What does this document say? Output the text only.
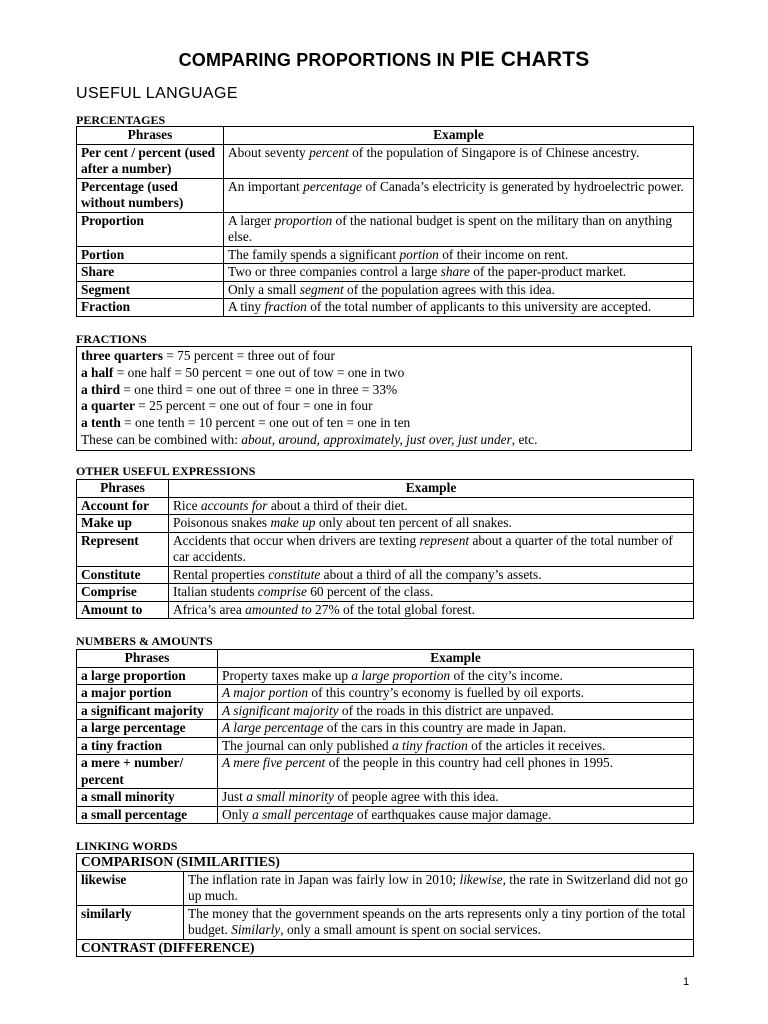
COMPARING PROPORTIONS IN PIE CHARTS
USEFUL LANGUAGE
PERCENTAGES
Phrases	Example
Per cent / percent (used after a number)	About seventy percent of the population of Singapore is of Chinese ancestry.
Percentage (used without numbers)	An important percentage of Canada’s electricity is generated by hydroelectric power.
Proportion	A larger proportion of the national budget is spent on the military than on anything else.
Portion	The family spends a significant portion of their income on rent.
Share	Two or three companies control a large share of the paper-product market.
Segment	Only a small segment of the population agrees with this idea.
Fraction	A tiny fraction of the total number of applicants to this university are accepted.
FRACTIONS
three quarters = 75 percent = three out of four
a half = one half = 50 percent = one out of tow = one in two
a third = one third = one out of three = one in three = 33%
a quarter = 25 percent = one out of four = one in four
a tenth = one tenth = 10 percent = one out of ten = one in ten
These can be combined with: about, around, approximately, just over, just under, etc.
OTHER USEFUL EXPRESSIONS
Phrases	Example
Account for	Rice accounts for about a third of their diet.
Make up	Poisonous snakes make up only about ten percent of all snakes.
Represent	Accidents that occur when drivers are texting represent about a quarter of the total number of car accidents.
Constitute	Rental properties constitute about a third of all the company’s assets.
Comprise	Italian students comprise 60 percent of the class.
Amount to	Africa’s area amounted to 27% of the total global forest.
NUMBERS & AMOUNTS
Phrases	Example
a large proportion	Property taxes make up a large proportion of the city’s income.
a major portion	A major portion of this country’s economy is fuelled by oil exports.
a significant majority	A significant majority of the roads in this district are unpaved.
a large percentage	A large percentage of the cars in this country are made in Japan.
a tiny fraction	The journal can only published a tiny fraction of the articles it receives.
a mere + number/ percent	A mere five percent of the people in this country had cell phones in 1995.
a small minority	Just a small minority of people agree with this idea.
a small percentage	Only a small percentage of earthquakes cause major damage.
LINKING WORDS
COMPARISON (SIMILARITIES)	
likewise	The inflation rate in Japan was fairly low in 2010; likewise, the rate in Switzerland did not go up much.
similarly	The money that the government speands on the arts represents only a tiny portion of the total budget. Similarly, only a small amount is spent on social services.
CONTRAST (DIFFERENCE)	
1
